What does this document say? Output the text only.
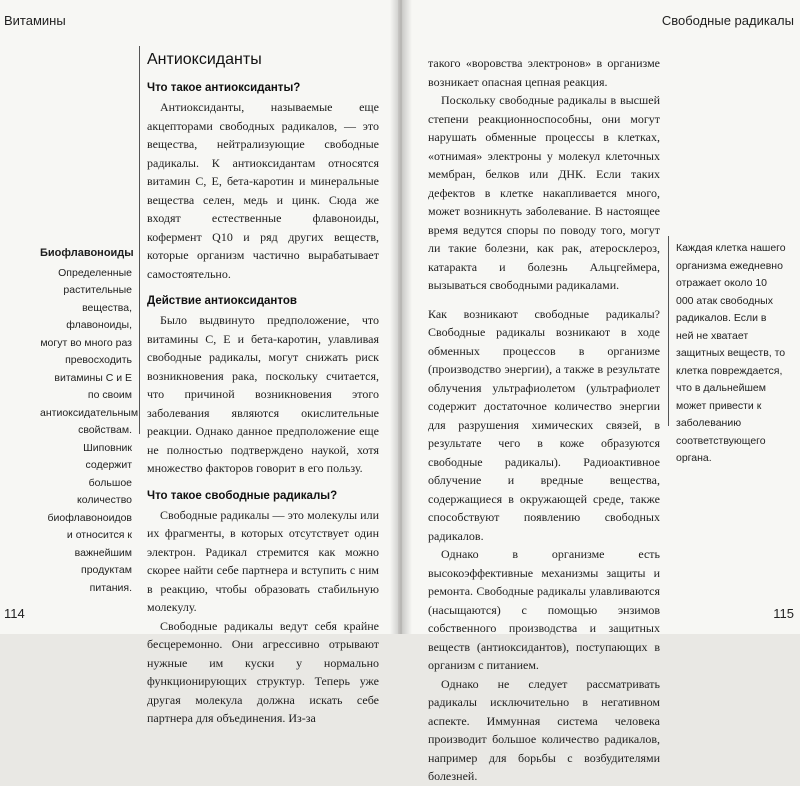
Витамины
Биофлавоноиды
Определенные растительные вещества, флавоноиды, могут во много раз превосходить витамины С и Е по своим антиоксидательным свойствам. Шиповник содержит большое количество биофлавоноидов и относится к важнейшим продуктам питания.
Антиоксиданты
Что такое антиоксиданты?

Антиоксиданты, называемые еще акцепторами свободных радикалов, — это вещества, нейтрализующие свободные радикалы. К антиоксидантам относятся витамин С, Е, бета-каротин и минеральные вещества селен, медь и цинк. Сюда же входят естественные флавоноиды, кофермент Q10 и ряд других веществ, которые организм частично вырабатывает самостоятельно.

Действие антиоксидантов

Было выдвинуто предположение, что витамины С, Е и бета-каротин, улавливая свободные радикалы, могут снижать риск возникновения рака, поскольку считается, что причиной возникновения этого заболевания являются окислительные реакции. Однако данное предположение еще не полностью подтверждено наукой, хотя множество факторов говорит в его пользу.

Что такое свободные радикалы?

Свободные радикалы — это молекулы или их фрагменты, в которых отсутствует один электрон. Радикал стремится как можно скорее найти себе партнера и вступить с ним в реакцию, чтобы образовать стабильную молекулу.

Свободные радикалы ведут себя крайне бесцеремонно. Они агрессивно отрывают нужные им куски у нормально функционирующих структур. Теперь уже другая молекула должна искать себе партнера для объединения. Из-за

114
Свободные радикалы

такого «воровства электронов» в организме возникает опасная цепная реакция.

Поскольку свободные радикалы в высшей степени реакционноспособны, они могут нарушать обменные процессы в клетках, «отнимая» электроны у молекул клеточных мембран, белков или ДНК. Если таких дефектов в клетке накапливается много, может возникнуть заболевание. В настоящее время ведутся споры по поводу того, могут ли такие болезни, как рак, атеросклероз, катаракта и болезнь Альцгеймера, вызываться свободными радикалами.

Как возникают свободные радикалы? Свободные радикалы возникают в ходе обменных процессов в организме (производство энергии), а также в результате облучения ультрафиолетом (ультрафиолет содержит достаточное количество энергии для разрушения химических связей, в результате чего в коже образуются свободные радикалы). Радиоактивное облучение и вредные вещества, содержащиеся в окружающей среде, также способствуют появлению свободных радикалов.

Однако в организме есть высокоэффективные механизмы защиты и ремонта. Свободные радикалы улавливаются (насыщаются) с помощью энзимов собственного производства и защитных веществ (антиоксидантов), поступающих в организм с питанием.

Однако не следует рассматривать радикалы исключительно в негативном аспекте. Иммунная система человека производит большое количество радикалов, например для борьбы с возбудителями болезней.

Каждая клетка нашего организма ежедневно отражает около 10 000 атак свободных радикалов. Если в ней не хватает защитных веществ, то клетка повреждается, что в дальнейшем может привести к заболеванию соответствующего органа.
115
